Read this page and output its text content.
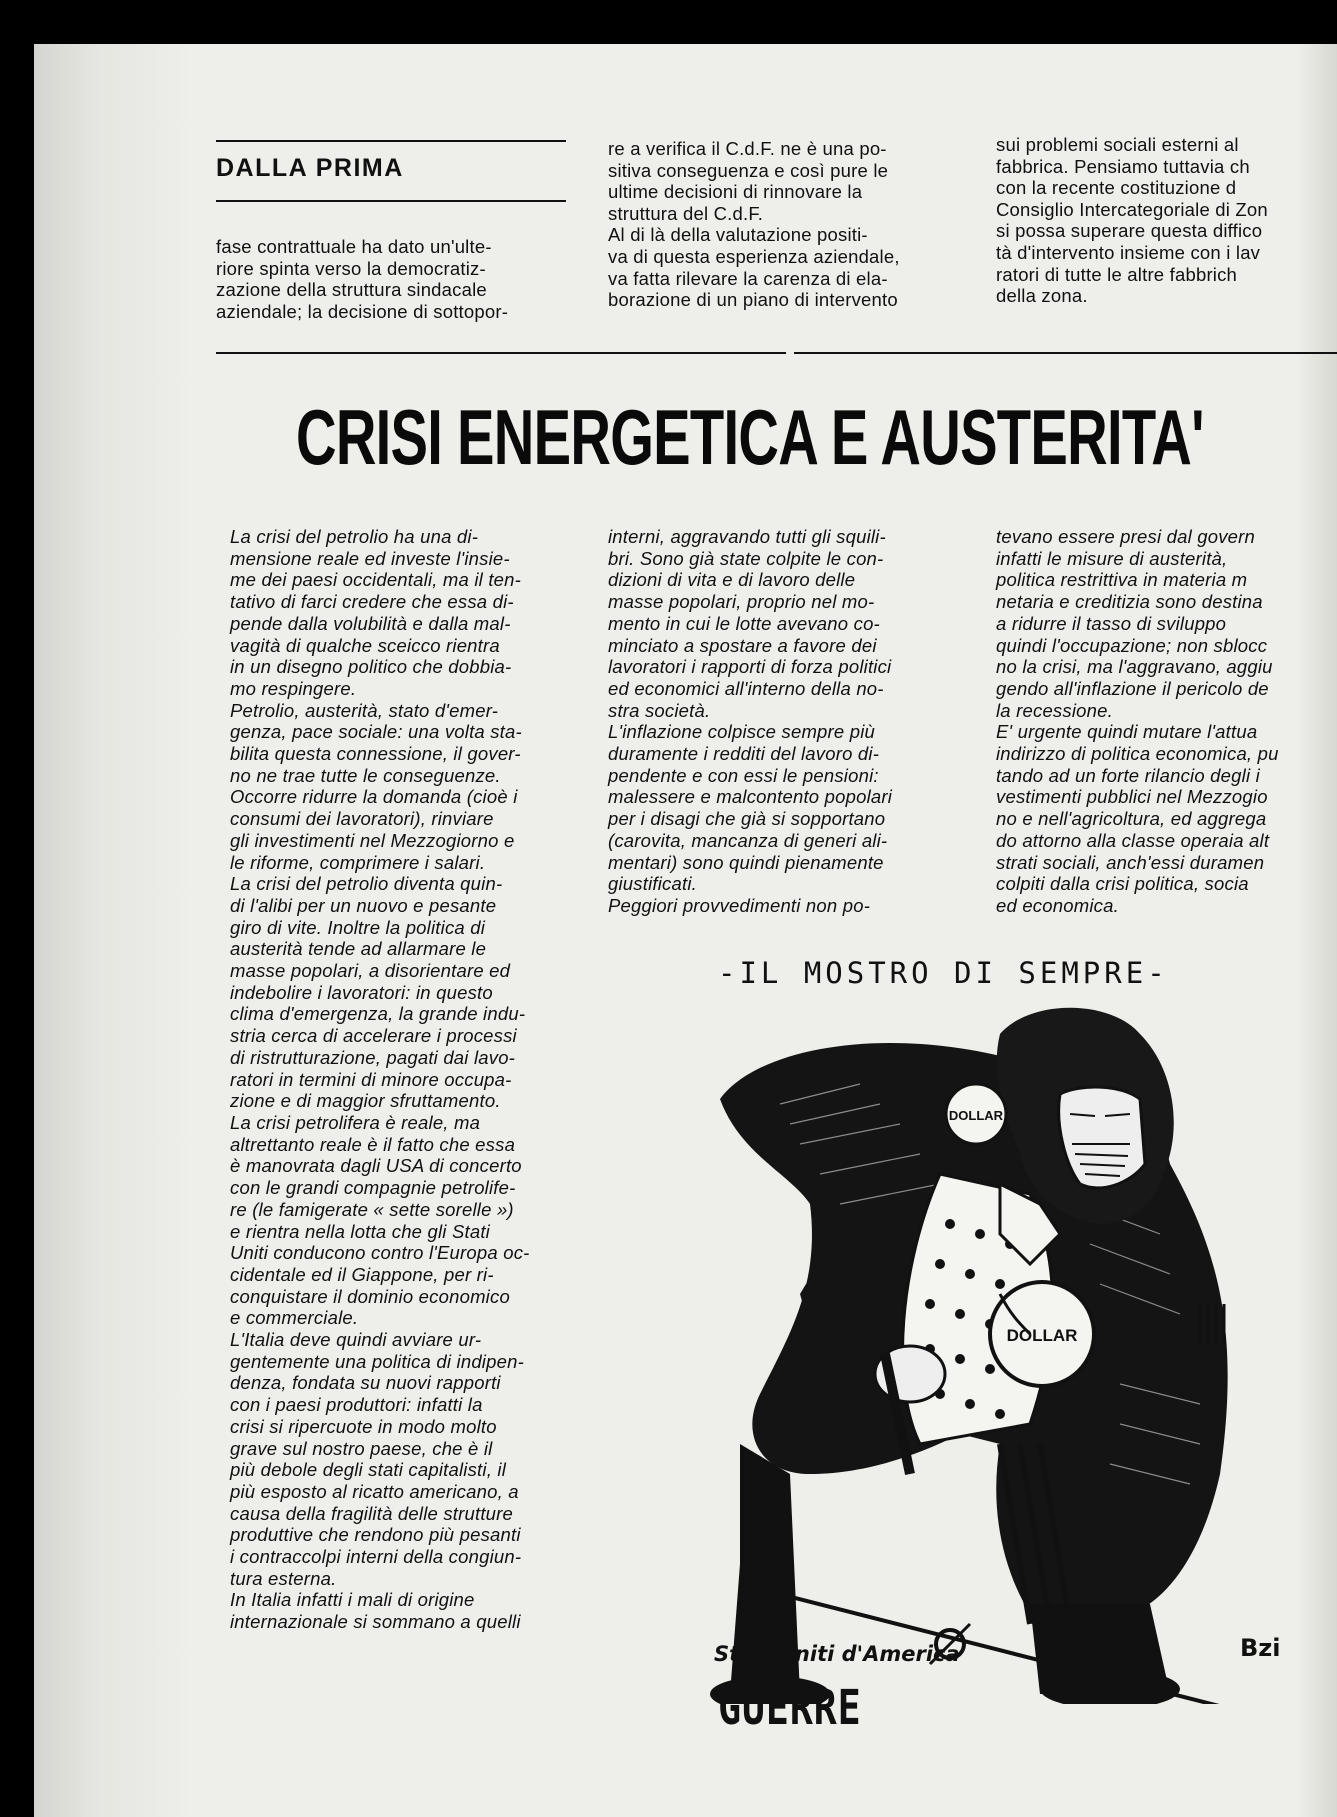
DALLA PRIMA
fase contrattuale ha dato un'ulte-
riore spinta verso la democratiz-
zazione della struttura sindacale
aziendale; la decisione di sottopor-
re a verifica il C.d.F. ne è una po-
sitiva conseguenza e così pure le
ultime decisioni di rinnovare la
struttura del C.d.F.
Al di là della valutazione positi-
va di questa esperienza aziendale,
va fatta rilevare la carenza di ela-
borazione di un piano di intervento
sui problemi sociali esterni al
fabbrica. Pensiamo tuttavia ch
con la recente costituzione d
Consiglio Intercategoriale di Zon
si possa superare questa diffico
tà d'intervento insieme con i lav
ratori di tutte le altre fabbrich
della zona.
CRISI ENERGETICA E AUSTERITA'
La crisi del petrolio ha una di-
mensione reale ed investe l'insie-
me dei paesi occidentali, ma il ten-
tativo di farci credere che essa di-
pende dalla volubilità e dalla mal-
vagità di qualche sceicco rientra
in un disegno politico che dobbia-
mo respingere.
Petrolio, austerità, stato d'emer-
genza, pace sociale: una volta sta-
bilita questa connessione, il gover-
no ne trae tutte le conseguenze.
Occorre ridurre la domanda (cioè i
consumi dei lavoratori), rinviare
gli investimenti nel Mezzogiorno e
le riforme, comprimere i salari.
La crisi del petrolio diventa quin-
di l'alibi per un nuovo e pesante
giro di vite. Inoltre la politica di
austerità tende ad allarmare le
masse popolari, a disorientare ed
indebolire i lavoratori: in questo
clima d'emergenza, la grande indu-
stria cerca di accelerare i processi
di ristrutturazione, pagati dai lavo-
ratori in termini di minore occupa-
zione e di maggior sfruttamento.
La crisi petrolifera è reale, ma
altrettanto reale è il fatto che essa
è manovrata dagli USA di concerto
con le grandi compagnie petrolife-
re (le famigerate « sette sorelle »)
e rientra nella lotta che gli Stati
Uniti conducono contro l'Europa oc-
cidentale ed il Giappone, per ri-
conquistare il dominio economico
e commerciale.
L'Italia deve quindi avviare ur-
gentemente una politica di indipen-
denza, fondata su nuovi rapporti
con i paesi produttori: infatti la
crisi si ripercuote in modo molto
grave sul nostro paese, che è il
più debole degli stati capitalisti, il
più esposto al ricatto americano, a
causa della fragilità delle strutture
produttive che rendono più pesanti
i contraccolpi interni della congiun-
tura esterna.
In Italia infatti i mali di origine
internazionale si sommano a quelli
interni, aggravando tutti gli squili-
bri. Sono già state colpite le con-
dizioni di vita e di lavoro delle
masse popolari, proprio nel mo-
mento in cui le lotte avevano co-
minciato a spostare a favore dei
lavoratori i rapporti di forza politici
ed economici all'interno della no-
stra società.
L'inflazione colpisce sempre più
duramente i redditi del lavoro di-
pendente e con essi le pensioni:
malessere e malcontento popolari
per i disagi che già si sopportano
(carovita, mancanza di generi ali-
mentari) sono quindi pienamente
giustificati.
Peggiori provvedimenti non po-
tevano essere presi dal govern
infatti le misure di austerità,
politica restrittiva in materia m
netaria e creditizia sono destina
a ridurre il tasso di sviluppo
quindi l'occupazione; non sblocc
no la crisi, ma l'aggravano, aggiu
gendo all'inflazione il pericolo de
la recessione.
E' urgente quindi mutare l'attua
indirizzo di politica economica, pu
tando ad un forte rilancio degli i
vestimenti pubblici nel Mezzogio
no e nell'agricoltura, ed aggrega
do attorno alla classe operaia alt
strati sociali, anch'essi duramen
colpiti dalla crisi politica, socia
ed economica.
-IL MOSTRO DI SEMPRE-
DOLLAR
DOLLAR
Stati Uniti d'America	Bzi
GUERRE
